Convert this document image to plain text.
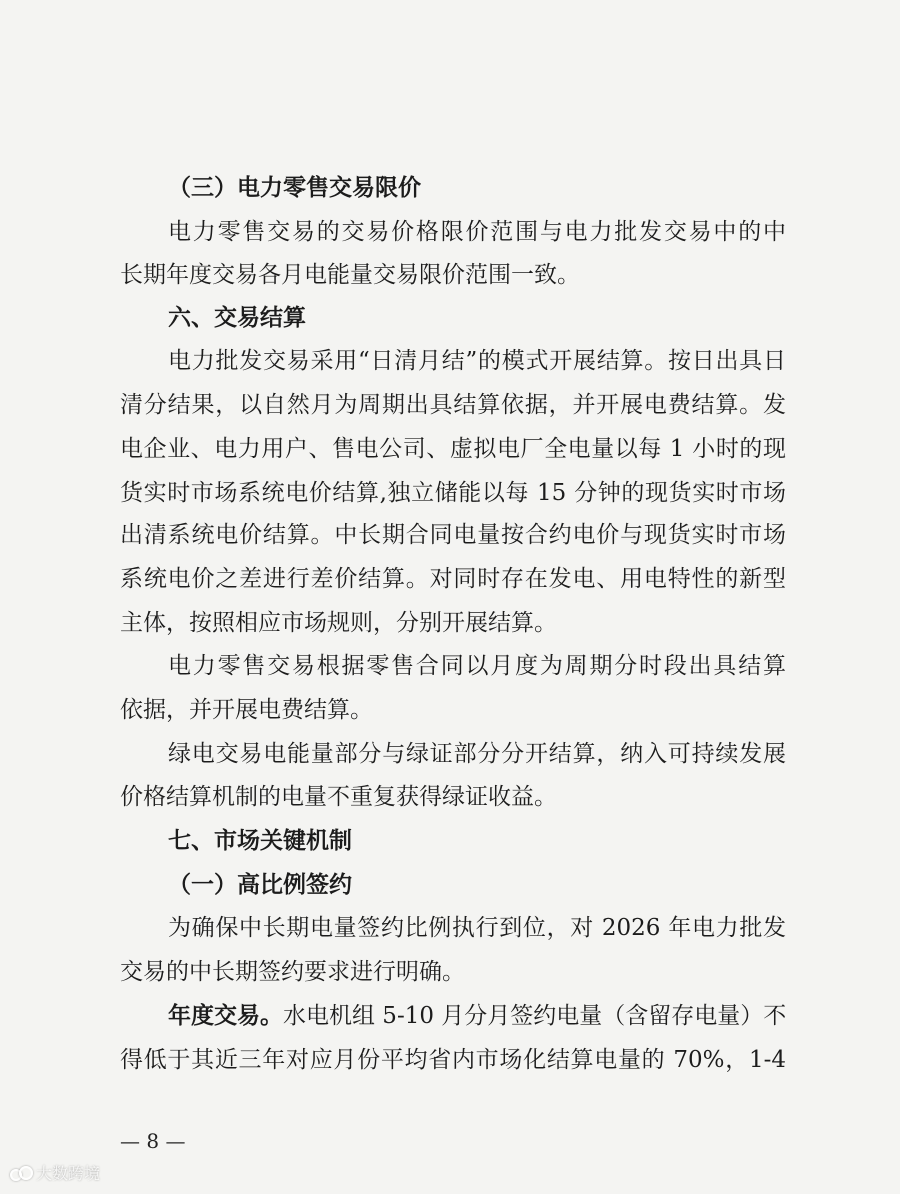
（三）电力零售交易限价
电力零售交易的交易价格限价范围与电力批发交易中的中
长期年度交易各月电能量交易限价范围一致。
六、交易结算
电力批发交易采用“日清月结”的模式开展结算。按日出具日
清分结果，以自然月为周期出具结算依据，并开展电费结算。发
电企业、电力用户、售电公司、虚拟电厂全电量以每 1 小时的现
货实时市场系统电价结算,独立储能以每 15 分钟的现货实时市场
出清系统电价结算。中长期合同电量按合约电价与现货实时市场
系统电价之差进行差价结算。对同时存在发电、用电特性的新型
主体，按照相应市场规则，分别开展结算。
电力零售交易根据零售合同以月度为周期分时段出具结算
依据，并开展电费结算。
绿电交易电能量部分与绿证部分分开结算，纳入可持续发展
价格结算机制的电量不重复获得绿证收益。
七、市场关键机制
（一）高比例签约
为确保中长期电量签约比例执行到位，对 2026 年电力批发
交易的中长期签约要求进行明确。
年度交易。水电机组 5-10 月分月签约电量（含留存电量）不
得低于其近三年对应月份平均省内市场化结算电量的 70%，1-4
— 8 —
大数跨境
